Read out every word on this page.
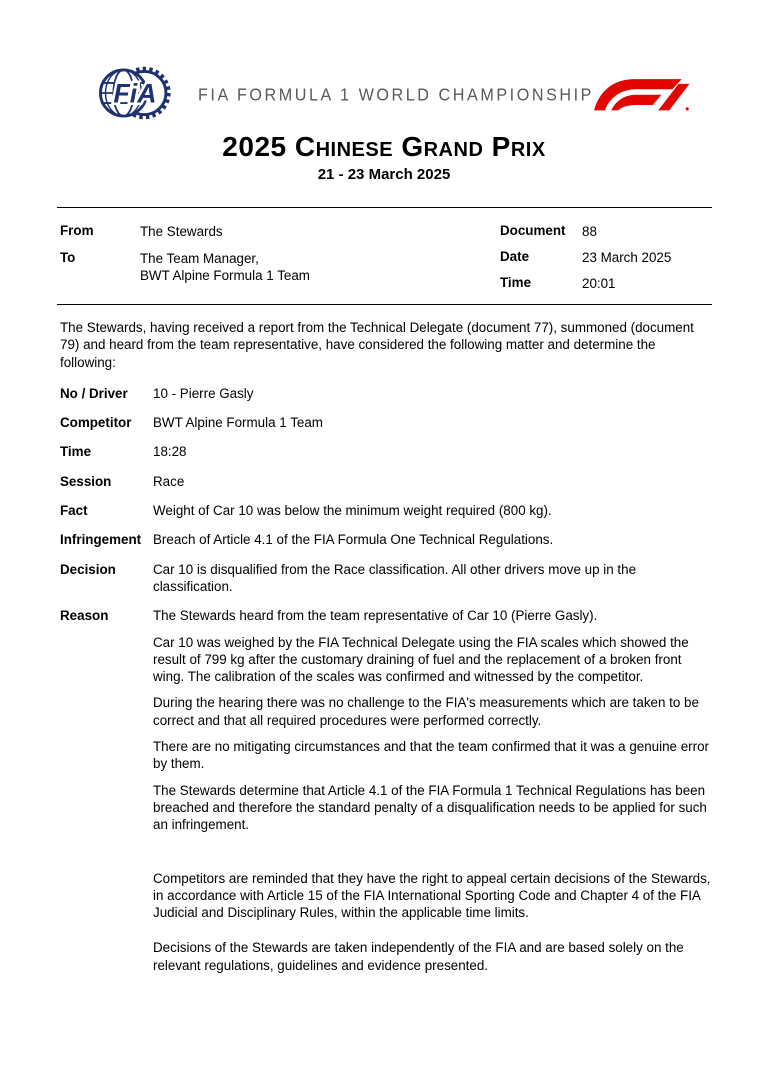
FiA	FIA FORMULA 1 WORLD CHAMPIONSHIP
2025 Chinese Grand Prix
21 - 23 March 2025
From	The Stewards
To	The Team Manager,
BWT Alpine Formula 1 Team
Document 88
Date	23 March 2025
Time	20:01

The Stewards, having received a report from the Technical Delegate (document 77), summoned (document 79) and heard from the team representative, have considered the following matter and determine the following:

No / Driver	10 - Pierre Gasly
Competitor	BWT Alpine Formula 1 Team
Time	18:28
Session	Race
Fact	Weight of Car 10 was below the minimum weight required (800 kg).
Infringement Breach of Article 4.1 of the FIA Formula One Technical Regulations.
Decision	Car 10 is disqualified from the Race classification. All other drivers move up in the classification.
Reason	The Stewards heard from the team representative of Car 10 (Pierre Gasly).

Car 10 was weighed by the FIA Technical Delegate using the FIA scales which showed the result of 799 kg after the customary draining of fuel and the replacement of a broken front wing. The calibration of the scales was confirmed and witnessed by the competitor.

During the hearing there was no challenge to the FIA's measurements which are taken to be correct and that all required procedures were performed correctly.

There are no mitigating circumstances and that the team confirmed that it was a genuine error by them.

The Stewards determine that Article 4.1 of the FIA Formula 1 Technical Regulations has been breached and therefore the standard penalty of a disqualification needs to be applied for such an infringement.

Competitors are reminded that they have the right to appeal certain decisions of the Stewards, in accordance with Article 15 of the FIA International Sporting Code and Chapter 4 of the FIA Judicial and Disciplinary Rules, within the applicable time limits.

Decisions of the Stewards are taken independently of the FIA and are based solely on the relevant regulations, guidelines and evidence presented.
